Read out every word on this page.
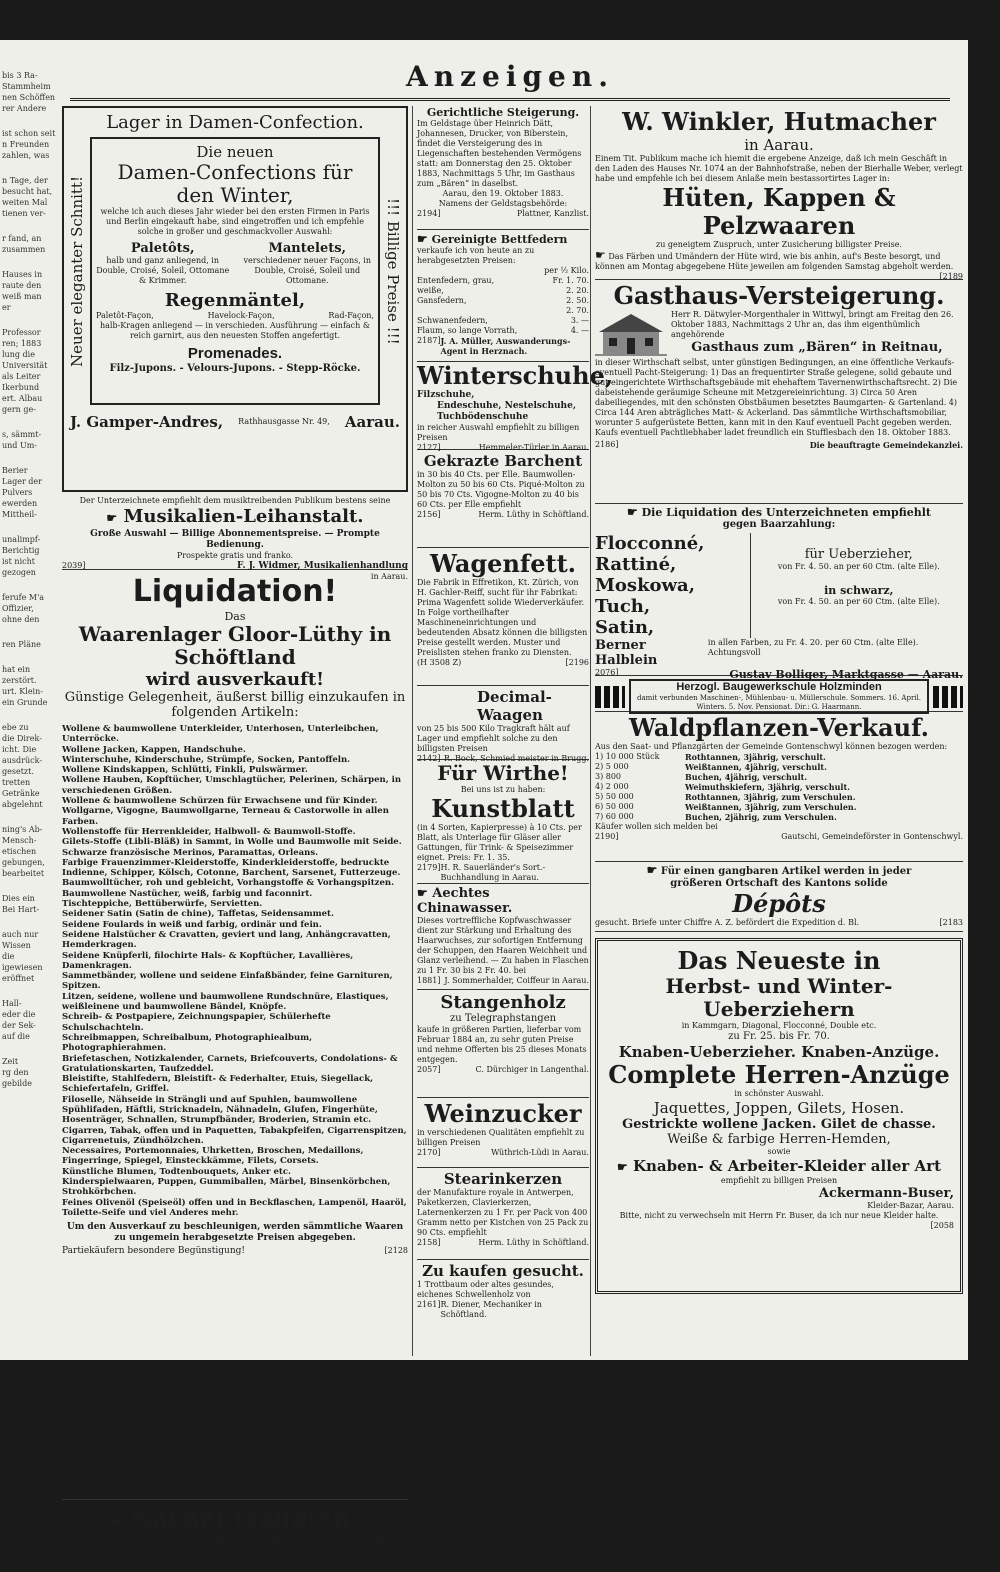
bis 3 Ra-
Stammheim
nen Schöffen
rer Andere
ist schon seit
n Freunden
zahlen, was
n Tage, der
besucht hat,
weiten Mal
tienen ver-
r fand, an
zusammen
Hauses in
raute den
weiß man
er
Professor
ren; 1883
lung die
Universität
als Leiter
Ikerbund
ert. Albau
gern ge-
s, sämmt-
und Um-
Berier
Lager der
Pulvers
ewerden
Mittheil-
unalimpf-
Berichtig
ist nicht
gezogen
ferufe M'a
Offizier,
ohne den
ren Pläne
hat ein
zerstört.
urt. Klein-
ein Grunde
ebe zu
die Direk-
icht. Die
ausdrück-
gesetzt.
tretten
Getränke
abgelehnt
ning's Ab-
Mensch-
etischen
gebungen,
bearbeitet
Dies ein
Bei Hart-
auch nur
Wissen
die
igewiesen
eröffnet
Hall-
eder die
der Sek-
auf die
Zeit
rg den
gebilde
Anzeigen.
Lager in Damen-Confection.
Neuer eleganter Schnitt!
Die neuen
Damen-Confections für den Winter,
welche ich auch dieses Jahr wieder bei den ersten Firmen in Paris und Berlin eingekauft habe, sind eingetroffen und ich empfehle solche in großer und geschmackvoller Auswahl:
Paletôts,
halb und ganz anliegend, in Double, Croisé, Soleil, Ottomane & Krimmer.
Mantelets,
verschiedener neuer Façons, in Double, Croisé, Soleil und Ottomane.
Regenmäntel,
Paletôt-Façon,	Havelock-Façon,	Rad-Façon,
halb-Kragen anliegend — in verschieden. Ausführung — einfach & reich garnirt, aus den neuesten Stoffen angefertigt.
Promenades.
Filz-Jupons. - Velours-Jupons. - Stepp-Röcke.
!!! Billige Preise !!!
J. Gamper-Andres, Rathhausgasse Nr. 49, Aarau.
Der Unterzeichnete empfiehlt dem musiktreibenden Publikum bestens seine
☛ Musikalien-Leihanstalt.
Große Auswahl — Billige Abonnementspreise. — Prompte Bedienung.
Prospekte gratis und franko.
2039]	F. J. Widmer, Musikalienhandlung
in Aarau.
Liquidation!
Das
Waarenlager Gloor-Lüthy in Schöftland
wird ausverkauft!
Günstige Gelegenheit, äußerst billig einzukaufen in
folgenden Artikeln:
Wollene & baumwollene Unterkleider, Unterhosen, Unterleibchen, Unterröcke.
Wollene Jacken, Kappen, Handschuhe.
Winterschuhe, Kinderschuhe, Strümpfe, Socken, Pantoffeln.
Wollene Kindskappen, Schlütti, Finkli, Pulswärmer.
Wollene Hauben, Kopftücher, Umschlagtücher, Pelerinen, Schärpen, in verschiedenen Größen.
Wollene & baumwollene Schürzen für Erwachsene und für Kinder.
Wollgarne, Vigogne, Baumwollgarne, Terneau & Castorwolle in allen Farben.
Wollenstoffe für Herrenkleider, Halbwoll- & Baumwoll-Stoffe.
Gilets-Stoffe (Libli-Bläß) in Sammt, in Wolle und Baumwolle mit Seide.
Schwarze französische Merinos, Paramattas, Orleans.
Farbige Frauenzimmer-Kleiderstoffe, Kinderkleiderstoffe, bedruckte Indienne, Schipper, Kölsch, Cotonne, Barchent, Sarsenet, Futterzeuge.
Baumwolltücher, roh und gebleicht, Vorhangstoffe & Vorhangspitzen.
Baumwollene Nastücher, weiß, farbig und faconnirt.
Tischteppiche, Bettüberwürfe, Servietten.
Seidener Satin (Satin de chine), Taffetas, Seidensammet.
Seidene Foulards in weiß und farbig, ordinär und fein.
Seidene Halstücher & Cravatten, geviert und lang, Anhängcravatten, Hemderkragen.
Seidene Knüpferli, filochirte Hals- & Kopftücher, Lavallières, Damenkragen.
Sammetbänder, wollene und seidene Einfaßbänder, feine Garnituren, Spitzen.
Litzen, seidene, wollene und baumwollene Rundschnüre, Elastiques, weißleinene und baumwollene Bändel, Knöpfe.
Schreib- & Postpapiere, Zeichnungspapier, Schülerhefte Schulschachteln.
Schreibmappen, Schreibalbum, Photographiealbum, Photographierahmen.
Briefetaschen, Notizkalender, Carnets, Briefcouverts, Condolations- & Gratulationskarten, Taufzeddel.
Bleistifte, Stahlfedern, Bleistift- & Federhalter, Etuis, Siegellack, Schiefertafeln, Griffel.
Filoselle, Nähseide in Strängli und auf Spuhlen, baumwollene Spühlifaden, Häftli, Stricknadeln, Nähnadeln, Glufen, Fingerhüte, Hosenträger, Schnallen, Strumpfbänder, Broderien, Stramin etc.
Cigarren, Tabak, offen und in Paquetten, Tabakpfeifen, Cigarrenspitzen, Cigarrenetuis, Zündhölzchen.
Necessaires, Portemonnaies, Uhrketten, Broschen, Medaillons, Fingerringe, Spiegel, Einsteckkämme, Filets, Corsets.
Künstliche Blumen, Todtenbouquets, Anker etc.
Kinderspielwaaren, Puppen, Gummiballen, Märbel, Binsenkörbchen, Strohkörbchen.
Feines Olivenöl (Speiseöl) offen und in Beckflaschen, Lampenöl, Haaröl, Toilette-Seife und viel Anderes mehr.
Um den Ausverkauf zu beschleunigen, werden sämmtliche Waaren zu ungemein herabgesetzte Preisen abgegeben.
Partiekäufern besondere Begünstigung!	[2128
☛ Kachel-Tragöfen,
rund & geviert, in verschiedenen Größen & Farben, empfiehlt
Wilh. Hemmeler, Hafner,
2182]	obere Vorstadt Nr. 944 in Aarau.
Gerichtliche Steigerung.
Im Geldstage über Heinrich Dätt, Johannesen, Drucker, von Biberstein, findet die Versteigerung des in Liegenschaften bestehenden Vermögens statt: am Donnerstag den 25. Oktober 1883, Nachmittags 5 Uhr, im Gasthaus zum „Bären“ in daselbst.
Aarau, den 19. Oktober 1883.
Namens der Geldstagsbehörde:
2194]	Plattner, Kanzlist.
☛ Gereinigte Bettfedern
verkaufe ich von heute an zu herabgesetzten Preisen:
per ½ Kilo.
Entenfedern, grau,	Fr. 1. 70.
weiße,	2. 20.
Gansfedern,	2. 50.
2. 70.
Schwanenfedern,	3. —
Flaum, so lange Vorrath,	4. —
2187] J. A. Müller, Auswanderungs-Agent in Herznach.
Winterschuhe,
Filzschuhe,
Endeschuhe, Nestelschuhe, Tuchbödenschuhe
in reicher Auswahl empfiehlt zu billigen Preisen
2127]	Hemmeler-Türler in Aarau.
Gekrazte Barchent
in 30 bis 40 Cts. per Elle. Baumwollen-Molton zu 50 bis 60 Cts. Piqué-Molton zu 50 bis 70 Cts. Vigogne-Molton zu 40 bis 60 Cts. per Elle empfiehlt
2156]	Herm. Lüthy in Schöftland.
Wagenfett.
Die Fabrik in Effretikon, Kt. Zürich, von H. Gachler-Reiff, sucht für ihr Fabrikat: Prima Wagenfett solide Wiederverkäufer. In Folge vortheilhafter Maschineneinrichtungen und bedeutenden Absatz können die billigsten Preise gestellt werden. Muster und Preislisten stehen franko zu Diensten.
(H 3508 Z)	[2196
Decimal-Waagen
von 25 bis 500 Kilo Tragkraft hält auf Lager und empfiehlt solche zu den billigsten Preisen
2142] R. Bock, Schmied meister in Brugg.
Für Wirthe!
Bei uns ist zu haben:
Kunstblatt
(in 4 Sorten, Kapierpresse) à 10 Cts. per Blatt, als Unterlage für Gläser aller Gattungen, für Trink- & Speisezimmer eignet. Preis: Fr. 1. 35.
2179] H. R. Sauerländer's Sort.-Buchhandlung in Aarau.
☛ Aechtes Chinawasser.
Dieses vortreffliche Kopfwaschwasser dient zur Stärkung und Erhaltung des Haarwuchses, zur sofortigen Entfernung der Schuppen, den Haaren Weichheit und Glanz verleihend. — Zu haben in Flaschen zu 1 Fr. 30 bis 2 Fr. 40. bei
1881] J. Sommerhalder, Coiffeur in Aarau.
Stangenholz
zu Telegraphstangen
kaufe in größeren Partien, lieferbar vom Februar 1884 an, zu sehr guten Preise und nehme Offerten bis 25 dieses Monats entgegen.
2057]	C. Dürchiger in Langenthal.
Weinzucker
in verschiedenen Qualitäten empfiehlt zu billigen Preisen
2170]	Wüthrich-Lüdi in Aarau.
Stearinkerzen
der Manufakture royale in Antwerpen, Paketkerzen, Clavierkerzen, Laternenkerzen zu 1 Fr. per Pack von 400 Gramm netto per Kistchen von 25 Pack zu 90 Cts. empfiehlt
2158]	Herm. Lüthy in Schöftland.
Zu kaufen gesucht.
1 Trottbaum oder altes gesundes, eichenes Schwellenholz von
2161] R. Diener, Mechaniker in Schöftland.
W. Winkler, Hutmacher
in Aarau.
Einem Tit. Publikum mache ich hiemit die ergebene Anzeige, daß ich mein Geschäft in den Laden des Hauses Nr. 1074 an der Bahnhofstraße, neben der Bierhalle Weber, verlegt habe und empfehle ich bei diesem Anlaße mein bestassortirtes Lager in:
Hüten, Kappen & Pelzwaaren
zu geneigtem Zuspruch, unter Zusicherung billigster Preise.
☛ Das Färben und Umändern der Hüte wird, wie bis anhin, auf's Beste besorgt, und können am Montag abgegebene Hüte jeweilen am folgenden Samstag abgeholt werden.
[2189
Gasthaus-Versteigerung.
Herr R. Dätwyler-Morgenthaler in Wittwyl, bringt am Freitag den 26. Oktober 1883, Nachmittags 2 Uhr an, das ihm eigenthümlich angehörende
Gasthaus zum „Bären“ in Reitnau,
in dieser Wirthschaft selbst, unter günstigen Bedingungen, an eine öffentliche Verkaufs- eventuell Pacht-Steigerung: 1) Das an frequentirter Straße gelegene, solid gebaute und gut eingerichtete Wirthschaftsgebäude mit ehehaftem Tavernenwirthschaftsrecht. 2) Die dabeistehende geräumige Scheune mit Metzgereieinrichtung. 3) Circa 50 Aren dabeiliegendes, mit den schönsten Obstbäumen besetztes Baumgarten- & Gartenland. 4) Circa 144 Aren abträgliches Matt- & Ackerland. Das sämmtliche Wirthschaftsmobiliar, worunter 5 aufgerüstete Betten, kann mit in den Kauf eventuell Pacht gegeben werden. Kaufs eventuell Pachtliebhaber ladet freundlich ein Stufflesbach den 18. Oktober 1883.
2186]	Die beauftragte Gemeindekanzlei.
☛ Die Liquidation des Unterzeichneten empfiehlt
gegen Baarzahlung:
Flocconné,
Rattiné,
Moskowa,
Tuch,
Satin,
für Ueberzieher,
von Fr. 4. 50. an per 60 Ctm. (alte Elle).
in schwarz,
von Fr. 4. 50. an per 60 Ctm. (alte Elle).
Berner Halblein
in allen Farben, zu Fr. 4. 20. per 60 Ctm. (alte Elle). Achtungsvoll
2076]	Gustav Bolliger, Marktgasse — Aarau.
Herzogl. Baugewerkschule Holzminden
damit verbunden Maschinen-, Mühlenbau- u. Müllerschule. Sommers. 16. April. Winters. 5. Nov. Pensionat. Dir.: G. Haarmann.
Waldpflanzen-Verkauf.
Aus den Saat- und Pflanzgärten der Gemeinde Gontenschwyl können bezogen werden:
1) 10 000 Stück	Rothtannen, 3jährig, verschult.
2) 5 000	Weißtannen, 4jährig, verschult.
3) 800	Buchen, 4jährig, verschult.
4) 2 000	Weimuthskiefern, 3jährig, verschult.
5) 50 000	Rothtannen, 3jährig, zum Verschulen.
6) 50 000	Weißtannen, 3jährig, zum Verschulen.
7) 60 000	Buchen, 2jährig, zum Verschulen.
Käufer wollen sich melden bei
2190]	Gautschi, Gemeindeförster in Gontenschwyl.
☛ Für einen gangbaren Artikel werden in jeder
größeren Ortschaft des Kantons solide
Dépôts
gesucht. Briefe unter Chiffre A. Z. befördert die Expedition d. Bl.	[2183
Das Neueste in
Herbst- und Winter-Ueberziehern
in Kammgarn, Diagonal, Flocconné, Double etc.
zu Fr. 25. bis Fr. 70.
Knaben-Ueberzieher. Knaben-Anzüge.
Complete Herren-Anzüge
in schönster Auswahl.
Jaquettes, Joppen, Gilets, Hosen.
Gestrickte wollene Jacken. Gilet de chasse.
Weiße & farbige Herren-Hemden,
sowie
☛ Knaben- & Arbeiter-Kleider aller Art
empfiehlt zu billigen Preisen
Ackermann-Buser,
Kleider-Bazar, Aarau.
Bitte, nicht zu verwechseln mit Herrn Fr. Buser, da ich nur neue Kleider halte.
[2058
